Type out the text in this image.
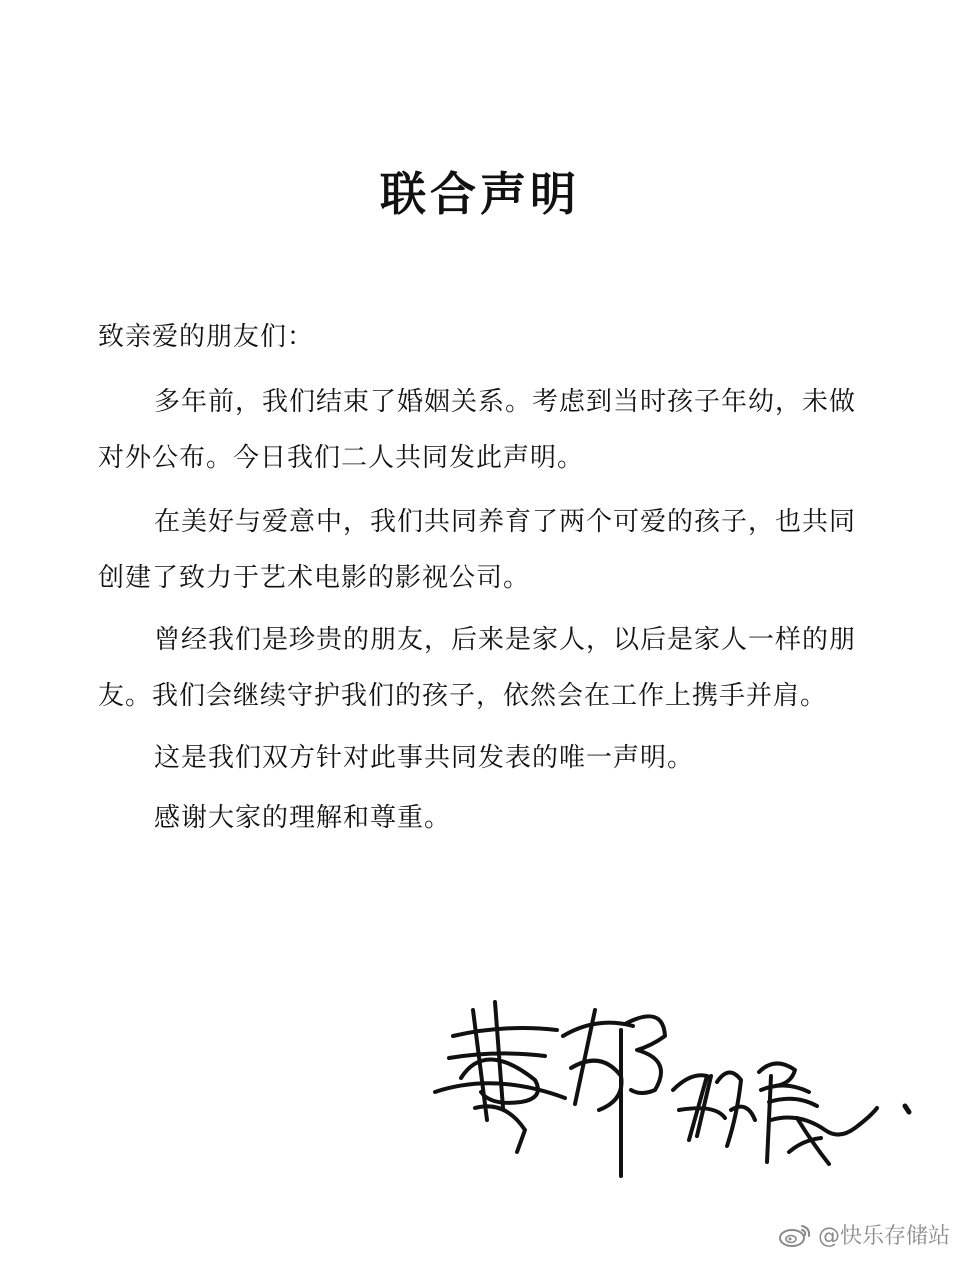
联合声明
致亲爱的朋友们：
多年前，我们结束了婚姻关系。考虑到当时孩子年幼，未做对外公布。今日我们二人共同发此声明。
在美好与爱意中，我们共同养育了两个可爱的孩子，也共同创建了致力于艺术电影的影视公司。
曾经我们是珍贵的朋友，后来是家人，以后是家人一样的朋友。我们会继续守护我们的孩子，依然会在工作上携手并肩。
这是我们双方针对此事共同发表的唯一声明。
感谢大家的理解和尊重。
@快乐存储站
